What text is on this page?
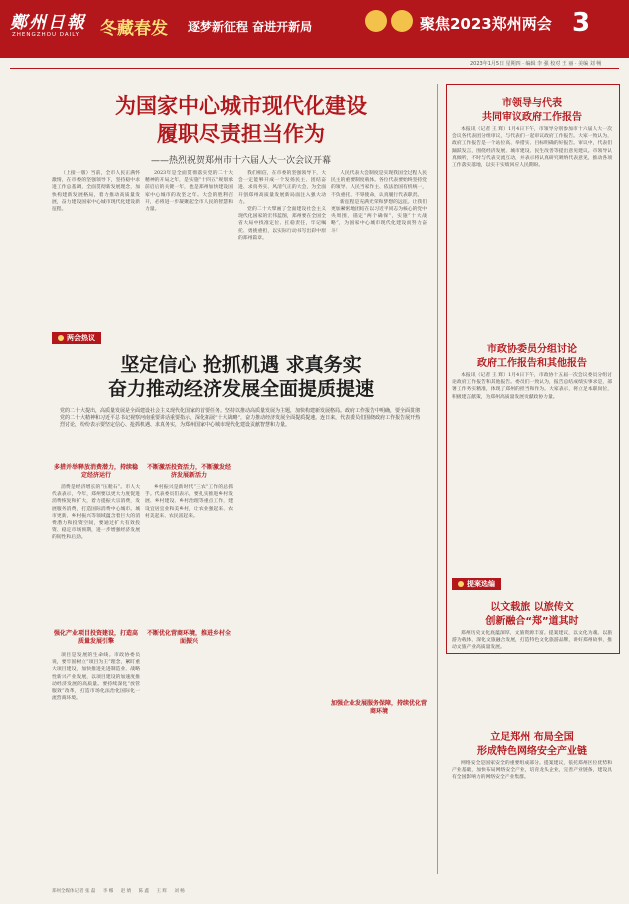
鄭州日報
ZHENGZHOU DAILY 冬藏春发 逐梦新征程 奋进开新局	聚焦2023郑州两会 3
2023年1月5日 星期四 · 编辑 李 强 校对 王 丽 · 美编 刘 畅
为国家中心城市现代化建设
履职尽责担当作为
——热烈祝贺郑州市十六届人大一次会议开幕

（上接一版）当前，全市人民正满怀激情，在市委的坚强领导下，坚持稳中求进工作总基调，全面贯彻新发展理念，加快构建新发展格局，着力推动高质量发展，奋力建设国家中心城市现代化建设新征程。

2023年是全面贯彻落实党的二十大精神的开局之年，是实施“十四五”规划承前启后的关键一年，也是郑州加快建设国家中心城市的攻坚之年。大会的胜利召开，必将进一步凝聚起全市人民的智慧和力量。

我们相信，在市委的坚强领导下，大会一定能够开成一个发扬民主、团结奋进、求真务实、风清气正的大会，为全面开创郑州高质量发展新局面注入强大动力。

党的二十大擘画了全面建设社会主义现代化国家的宏伟蓝图，郑州要在全国全省大局中找准定位、扛稳责任，牢记嘱托、勇挑重担，以实际行动书写出彩中原的郑州篇章。

人民代表大会制度是实现我国全过程人民民主的重要制度载体。各位代表要始终坚持党的领导、人民当家作主、依法治国有机统一，不负重托、不辱使命，认真履行代表职责。

新征程是充满光荣和梦想的远征。让我们更加紧密地团结在以习近平同志为核心的党中央周围，锚定“两个确保”，实施“十大战略”，为国家中心城市现代化建设而努力奋斗！

两会热议
坚定信心 抢抓机遇 求真务实
奋力推动经济发展全面提质提速
党的二十大提出，高质量发展是全面建设社会主义现代化国家的首要任务。坚持以推动高质量发展为主题，加快构建新发展格局。政府工作报告中明确，要全面贯彻党的二十大精神和习近平总书记视察河南重要讲话重要指示，深化拓展“十大战略”，奋力推动经济发展全面提质提速。连日来，代表委员们围绕政府工作报告展开热烈讨论，纷纷表示要坚定信心、抢抓机遇、求真务实，为郑州国家中心城市现代化建设贡献智慧和力量。
多措并举释放消费潜力，持续稳定经济运行

消费是经济增长的“压舱石”。市人大代表表示，今年，郑州要以更大力度促进消费恢复和扩大，着力提振大宗消费，发展服务消费，打造国际消费中心城市。城市更新、乡村振兴等领域蕴含着巨大的消费潜力和投资空间，要通过扩大有效投资、稳定市场预期，进一步增强经济发展的韧性和后劲。

强化产业项目投资建设，打造高质量发展引擎

项目是发展的生命线。市政协委员说，要牢固树立“项目为王”理念，紧盯重大项目建设，加快推进先进制造业、战略性新兴产业发展，以项目建设的加速度推动经济发展的高质量。要持续深化“放管服效”改革，打造市场化法治化国际化一流营商环境。

不断激活投资活力，不断激发经济发展新活力

乡村振兴是新时代“三农”工作的总抓手。代表委员们表示，要扎实推进乡村发展、乡村建设、乡村治理等重点工作，建设宜居宜业和美乡村，让农业强起来、农村美起来、农民富起来。

不断优化营商环境，推进乡村全面振兴
加强企业发展服务保障，持续优化营商环境
市领导与代表
共同审议政府工作报告

本报讯（记者 王 辉）1月4日下午，市领导分别参加市十六届人大一次会议各代表团分组审议，与代表们一起审议政府工作报告。大家一致认为，政府工作报告是一个站位高、举措实、目标明确的好报告。审议中，代表们踊跃发言，围绕经济发展、城市建设、民生改善等提出意见建议。市领导认真倾听，不时与代表交流互动，并表示将认真研究吸纳代表意见，推动各项工作落实落地，以实干实绩回应人民期盼。

市政协委员分组讨论
政府工作报告和其他报告

本报讯（记者 王 辉）1月4日下午，市政协十五届一次会议委员分组讨论政府工作报告和其他报告。委员们一致认为，报告总结成绩实事求是，部署工作务实精准，体现了郑州的担当和作为。大家表示，将立足本职岗位，积极建言献策，为郑州高质量发展贡献政协力量。

提案选编
以文载旅 以旅传文
创新融合“郑”道其时

郑州历史文化底蕴深厚，文旅资源丰富。提案建议，以文化为魂、以旅游为载体，深化文旅融合发展，打造特色文化旅游品牌，讲好郑州故事，推动文旅产业高质量发展。

立足郑州 布局全国
形成特色网络安全产业链

网络安全是国家安全的重要组成部分。提案建议，依托郑州区位优势和产业基础，加快布局网络安全产业，培育龙头企业，完善产业链条，建设具有全国影响力的网络安全产业集群。

郑州全媒体记者 张 磊 李 娜 赵 婧 陈 鑫 王 辉 刘 畅
